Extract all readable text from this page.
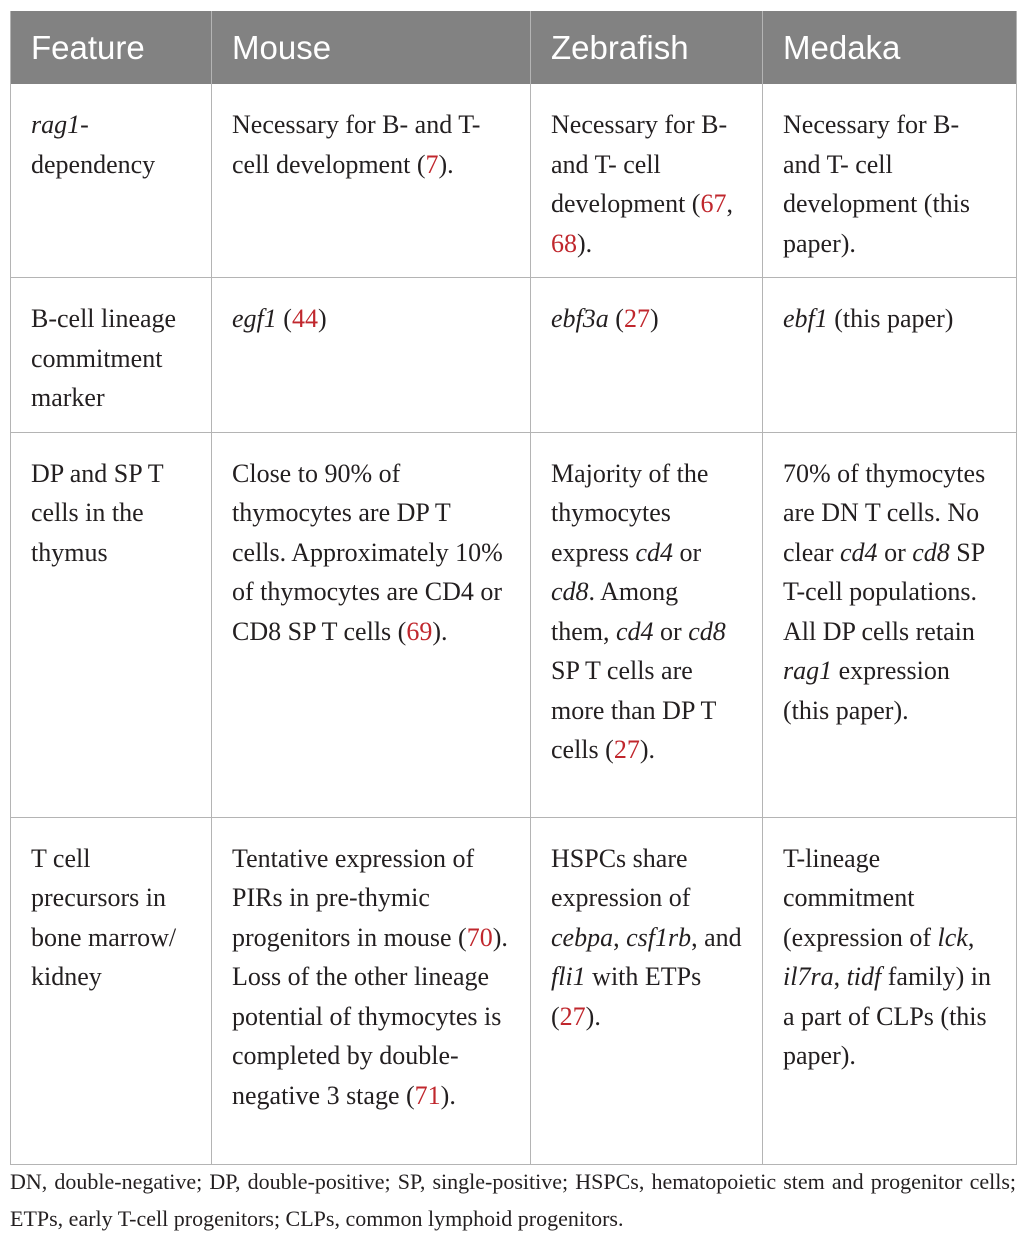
Feature	Mouse	Zebrafish	Medaka
rag1-dependency	Necessary for B- and T- cell development (7).	Necessary for B- and T- cell development (67, 68).	Necessary for B- and T- cell development (this paper).
B-cell lineage commitment marker	egf1 (44)	ebf3a (27)	ebf1 (this paper)
DP and SP T cells in the thymus	Close to 90% of thymocytes are DP T cells. Approximately 10% of thymocytes are CD4 or CD8 SP T cells (69).	Majority of the thymocytes express cd4 or cd8. Among them, cd4 or cd8 SP T cells are more than DP T cells (27).	70% of thymocytes are DN T cells. No clear cd4 or cd8 SP T-cell populations. All DP cells retain rag1 expression (this paper).
T cell precursors in bone marrow/ kidney	Tentative expression of PIRs in pre-thymic progenitors in mouse (70). Loss of the other lineage potential of thymocytes is completed by double-negative 3 stage (71).	HSPCs share expression of cebpa, csf1rb, and fli1 with ETPs (27).	T-lineage commitment (expression of lck, il7ra, tidf family) in a part of CLPs (this paper).
DN, double-negative; DP, double-positive; SP, single-positive; HSPCs, hematopoietic stem and progenitor cells; ETPs, early T-cell progenitors; CLPs, common lymphoid progenitors.
